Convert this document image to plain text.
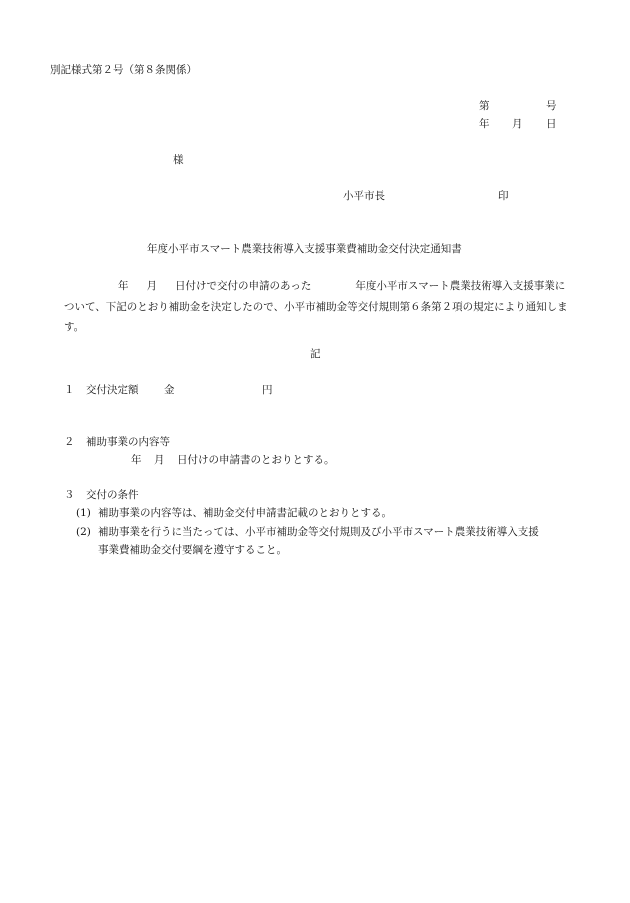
別記様式第２号（第８条関係）
第	号
年 月 日
様
小平市長	印
年度小平市スマート農業技術導入支援事業費補助金交付決定通知書
年 月 日付けで交付の申請のあった	年度小平市スマート農業技術導入支援事業について、下記のとおり補助金を決定したので、小平市補助金等交付規則第６条第２項の規定により通知します。
記
１ 交付決定額 金	円
２ 補助事業の内容等
年 月 日付けの申請書のとおりとする。
３ 交付の条件
(1) 補助事業の内容等は、補助金交付申請書記載のとおりとする。
(2) 補助事業を行うに当たっては、小平市補助金等交付規則及び小平市スマート農業技術導入支援
事業費補助金交付要綱を遵守すること。
